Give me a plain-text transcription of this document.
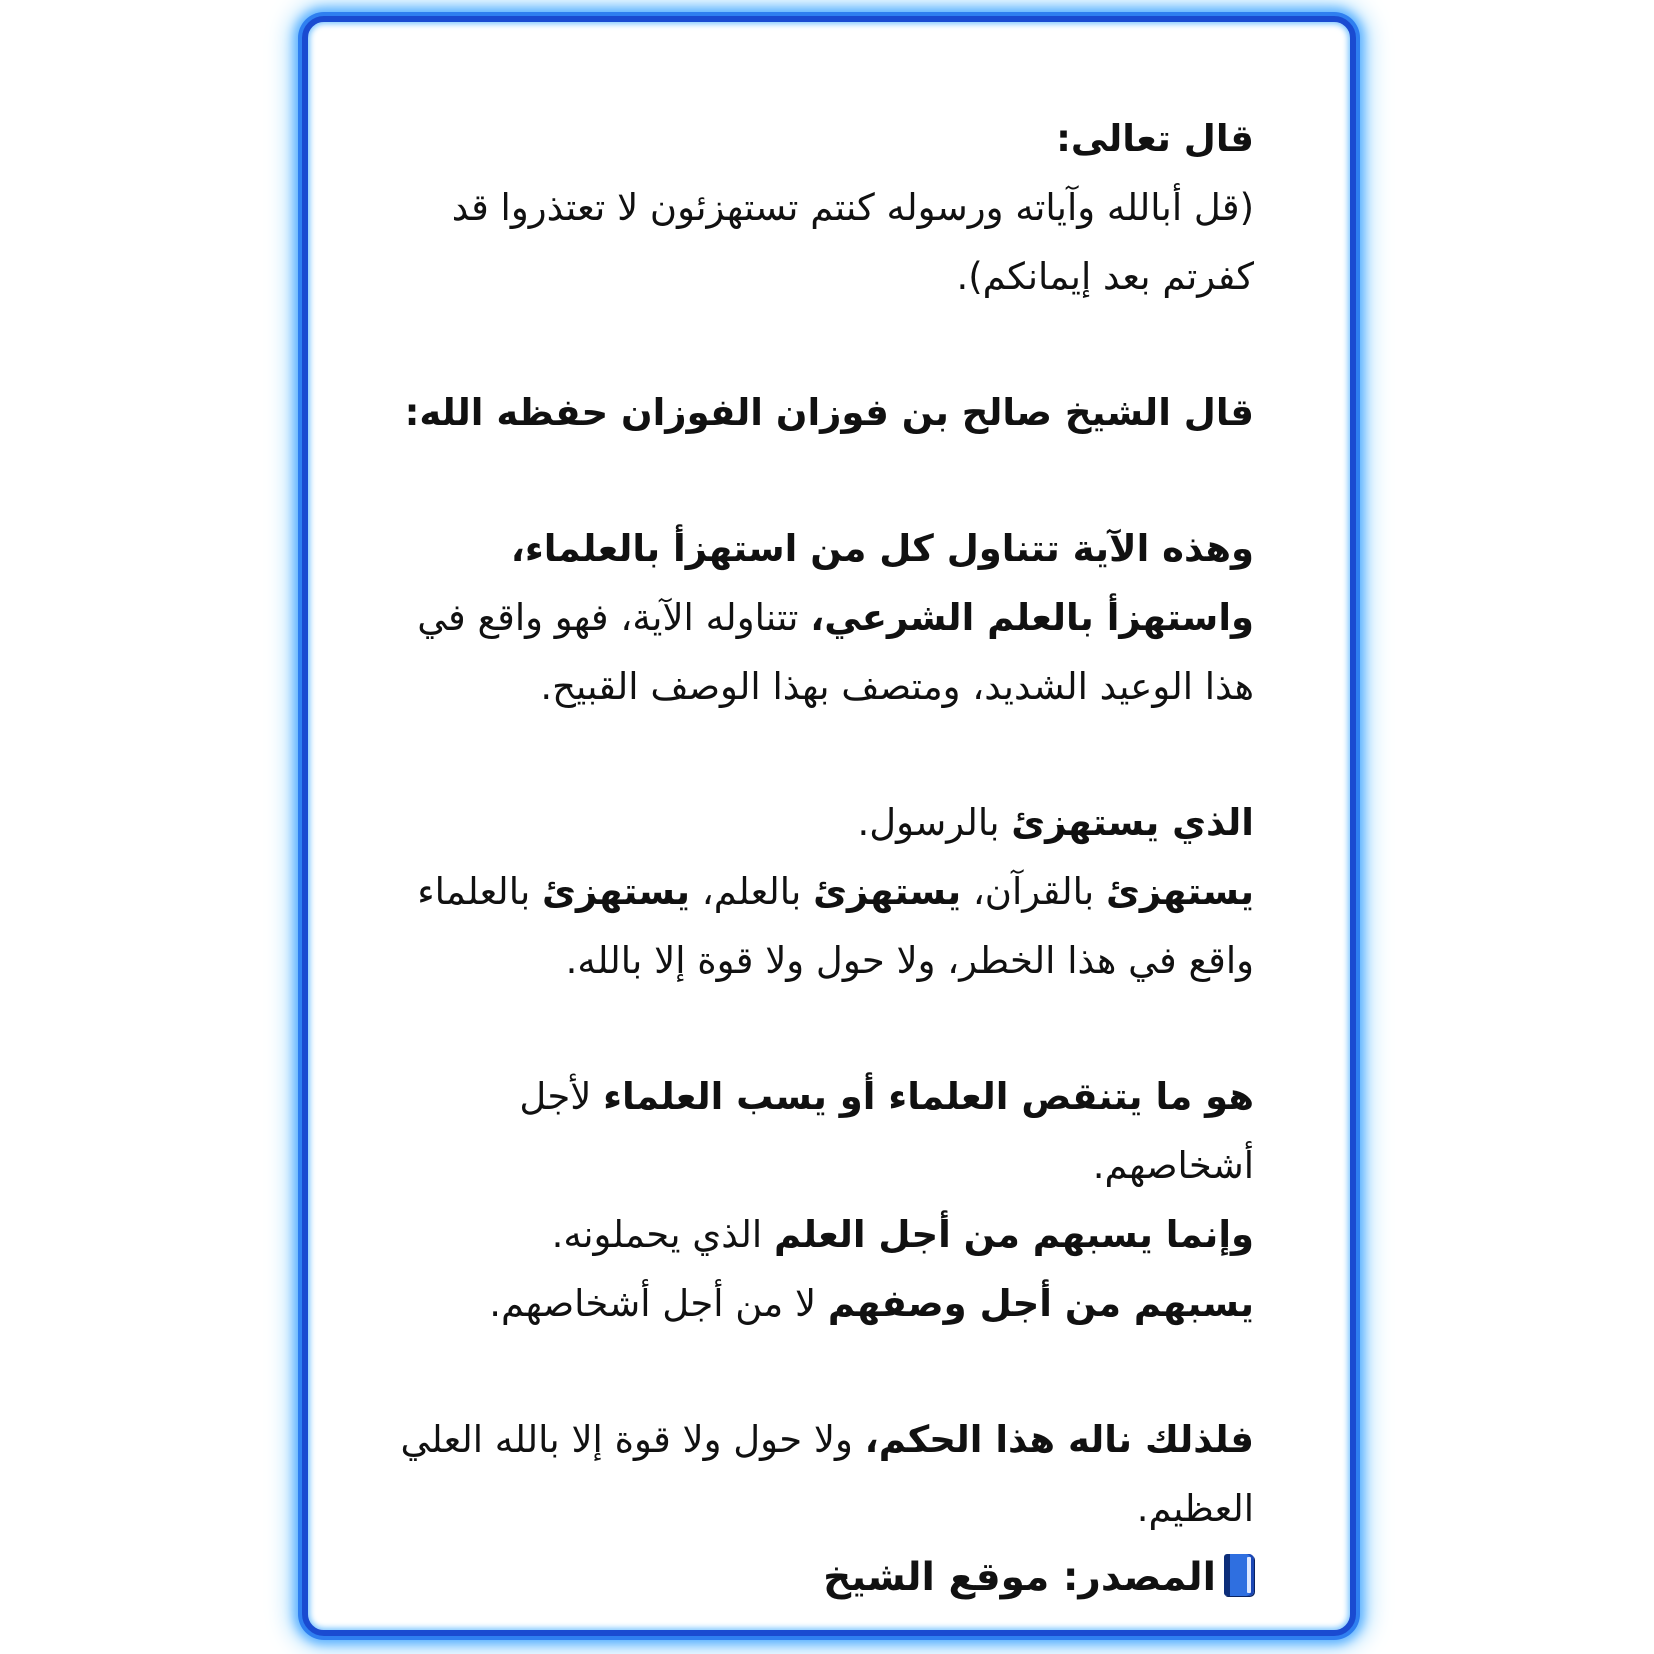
قال تعالى:
(قل أبالله وآياته ورسوله كنتم تستهزئون لا تعتذروا قد
كفرتم بعد إيمانكم).
قال الشيخ صالح بن فوزان الفوزان حفظه الله:
وهذه الآية تتناول كل من استهزأ بالعلماء،
واستهزأ بالعلم الشرعي، تتناوله الآية، فهو واقع في
هذا الوعيد الشديد، ومتصف بهذا الوصف القبيح.
الذي يستهزئ بالرسول.
يستهزئ بالقرآن، يستهزئ بالعلم، يستهزئ بالعلماء
واقع في هذا الخطر، ولا حول ولا قوة إلا بالله.
هو ما يتنقص العلماء أو يسب العلماء لأجل
أشخاصهم.
وإنما يسبهم من أجل العلم الذي يحملونه.
يسبهم من أجل وصفهم لا من أجل أشخاصهم.
فلذلك ناله هذا الحكم، ولا حول ولا قوة إلا بالله العلي
العظيم.
المصدر: موقع الشيخ
